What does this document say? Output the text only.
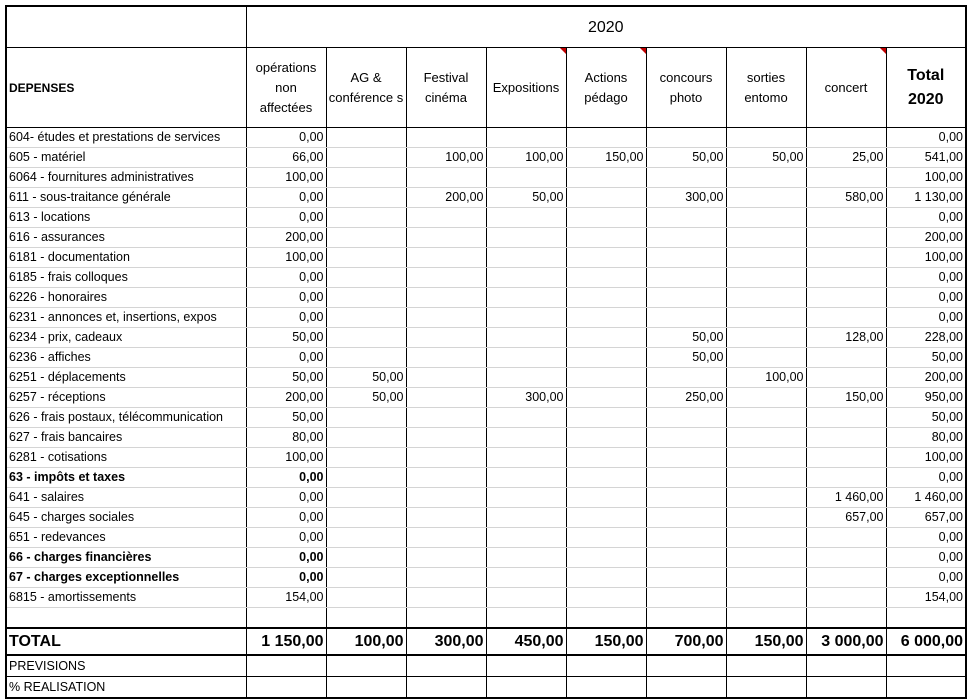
	2020								
DEPENSES	opérations non affectées	AG & conférence s	Festival cinéma	Expositions	Actions pédago	concours photo	sorties entomo	concert	Total 2020
604- études et prestations de services	0,00								0,00
605 - matériel	66,00		100,00	100,00	150,00	50,00	50,00	25,00	541,00
6064 - fournitures administratives	100,00								100,00
611 - sous-traitance générale	0,00		200,00	50,00		300,00		580,00	1 130,00
613 - locations	0,00								0,00
616 - assurances	200,00								200,00
6181 - documentation	100,00								100,00
6185 - frais colloques	0,00								0,00
6226 - honoraires	0,00								0,00
6231 - annonces et, insertions, expos	0,00								0,00
6234 - prix, cadeaux	50,00					50,00		128,00	228,00
6236 - affiches	0,00					50,00			50,00
6251 - déplacements	50,00	50,00					100,00		200,00
6257 - réceptions	200,00	50,00		300,00		250,00		150,00	950,00
626 - frais postaux, télécommunication	50,00								50,00
627 - frais bancaires	80,00								80,00
6281 - cotisations	100,00								100,00
63 - impôts et taxes	0,00								0,00
641 - salaires	0,00							1 460,00	1 460,00
645 - charges sociales	0,00							657,00	657,00
651 - redevances	0,00								0,00
66 - charges financières	0,00								0,00
67 - charges exceptionnelles	0,00								0,00
6815 - amortissements	154,00								154,00

TOTAL	1 150,00	100,00	300,00	450,00	150,00	700,00	150,00	3 000,00	6 000,00
PREVISIONS									
% REALISATION									
